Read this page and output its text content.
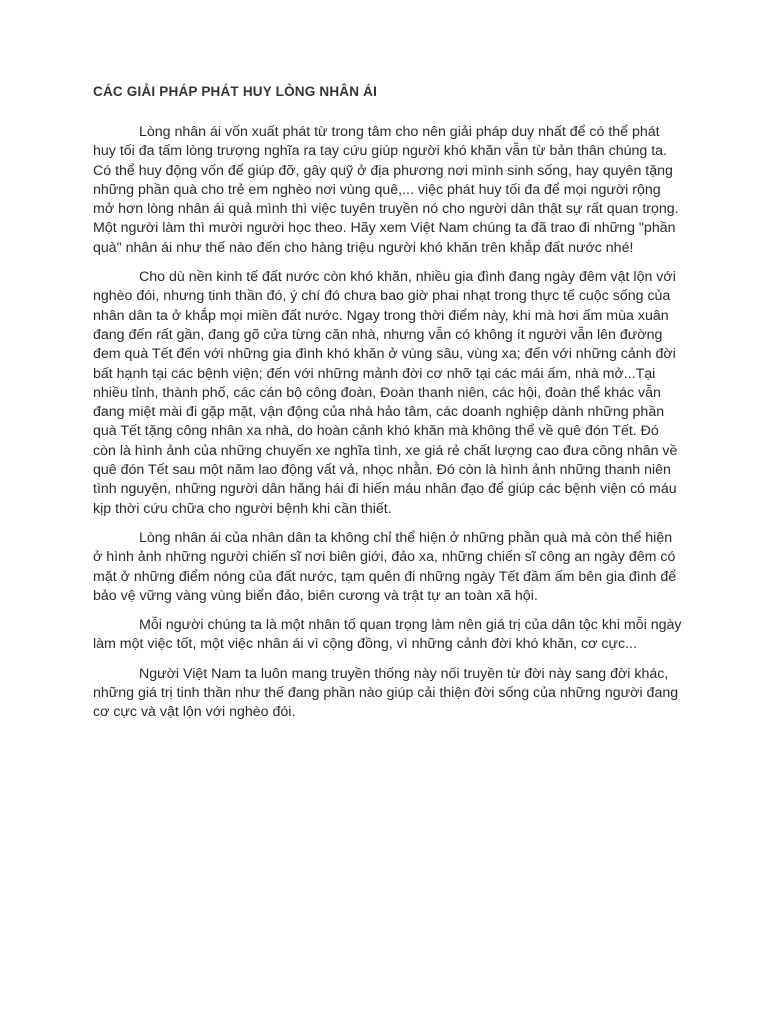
CÁC GIẢI PHÁP PHÁT HUY LÒNG NHÂN ÁI

Lòng nhân ái vốn xuất phát từ trong tâm cho nên giải pháp duy nhất để có thể phát huy tối đa tấm lòng trượng nghĩa ra tay cứu giúp người khó khăn vẫn từ bản thân chúng ta. Có thể huy động vốn để giúp đỡ, gây quỹ ở địa phương nơi mình sinh sống, hay quyên tặng những phần quà cho trẻ em nghèo nơi vùng quê,... việc phát huy tối đa để mọi người rộng mở hơn lòng nhân ái quả mình thì việc tuyên truyền nó cho người dân thật sự rất quan trọng. Một người làm thì mười người học theo. Hãy xem Việt Nam chúng ta đã trao đi những "phần quà" nhân ái như thế nào đến cho hàng triệu người khó khăn trên khắp đất nước nhé!

Cho dù nền kinh tế đất nước còn khó khăn, nhiều gia đình đang ngày đêm vật lộn với nghèo đói, nhưng tinh thần đó, ý chí đó chưa bao giờ phai nhạt trong thực tế cuộc sống của nhân dân ta ở khắp mọi miền đất nước. Ngay trong thời điểm này, khi mà hơi ấm mùa xuân đang đến rất gần, đang gõ cửa từng căn nhà, nhưng vẫn có không ít người vẫn lên đường đem quà Tết đến với những gia đình khó khăn ở vùng sâu, vùng xa; đến với những cảnh đời bất hạnh tại các bệnh viện; đến với những mảnh đời cơ nhỡ tại các mái ấm, nhà mở...Tại nhiều tỉnh, thành phố, các cán bộ công đoàn, Đoàn thanh niên, các hội, đoàn thể khác vẫn đang miệt mài đi gặp mặt, vận động của nhà hảo tâm, các doanh nghiệp dành những phần quà Tết tặng công nhân xa nhà, do hoàn cảnh khó khăn mà không thể về quê đón Tết. Đó còn là hình ảnh của những chuyến xe nghĩa tình, xe giá rẻ chất lượng cao đưa công nhân về quê đón Tết sau một năm lao động vất vả, nhọc nhằn. Đó còn là hình ảnh những thanh niên tình nguyện, những người dân hăng hái đi hiến máu nhân đạo để giúp các bệnh viện có máu kịp thời cứu chữa cho người bệnh khi cần thiết.

Lòng nhân ái của nhân dân ta không chỉ thể hiện ở những phần quà mà còn thể hiện ở hình ảnh những người chiến sĩ nơi biên giới, đảo xa, những chiến sĩ công an ngày đêm có mặt ở những điểm nóng của đất nước, tạm quên đi những ngày Tết đầm ấm bên gia đình để bảo vệ vững vàng vùng biển đảo, biên cương và trật tự an toàn xã hội.

Mỗi người chúng ta là một nhân tố quan trọng làm nên giá trị của dân tộc khi mỗi ngày làm một việc tốt, một việc nhân ái vì cộng đồng, vì những cảnh đời khó khăn, cơ cực...

Người Việt Nam ta luôn mang truyền thống này nối truyền từ đời này sang đời khác, những giá trị tinh thần như thế đang phần nào giúp cải thiện đời sống của những người đang cơ cực và vật lộn với nghèo đói.
